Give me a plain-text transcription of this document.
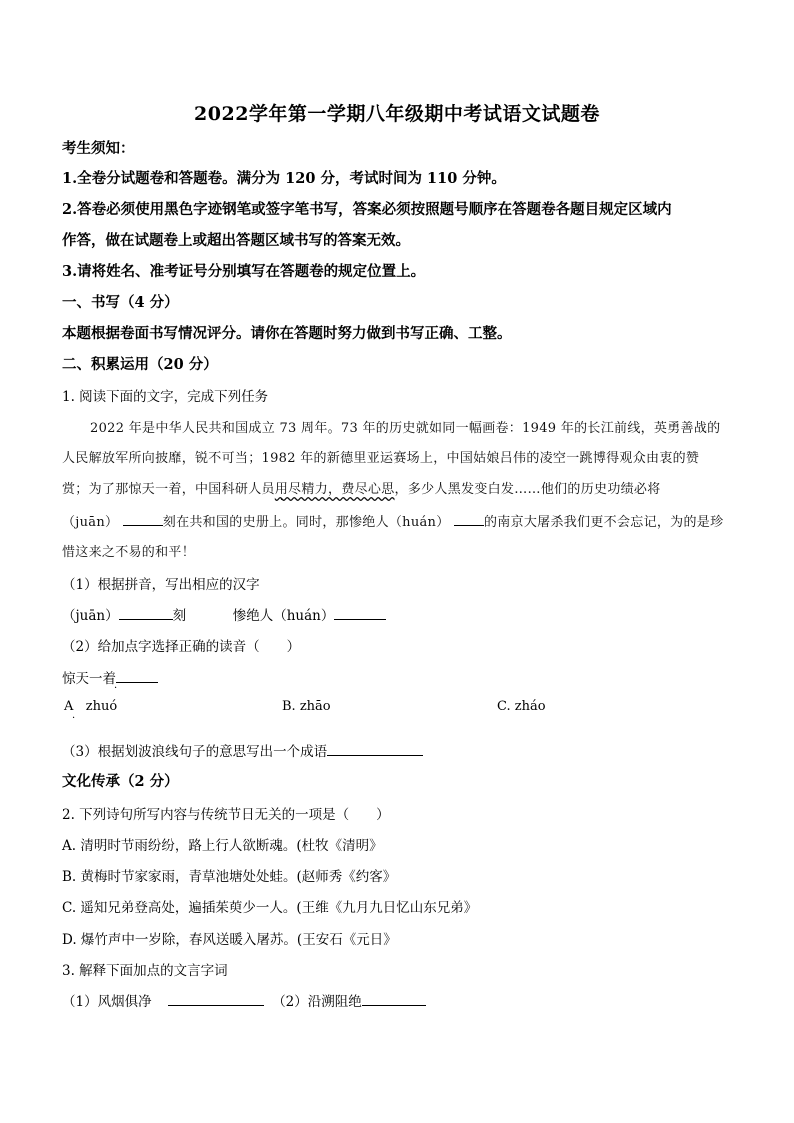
2022学年第一学期八年级期中考试语文试题卷
考生须知：
1.全卷分试题卷和答题卷。满分为 120 分，考试时间为 110 分钟。
2.答卷必须使用黑色字迹钢笔或签字笔书写，答案必须按照题号顺序在答题卷各题目规定区域内
作答，做在试题卷上或超出答题区域书写的答案无效。
3.请将姓名、准考证号分别填写在答题卷的规定位置上。
一、书写（4 分）
本题根据卷面书写情况评分。请你在答题时努力做到书写正确、工整。
二、积累运用（20 分）
1. 阅读下面的文字，完成下列任务
2022 年是中华人民共和国成立 73 周年。73 年的历史就如同一幅画卷：1949 年的长江前线，英勇善战的
人民解放军所向披靡，锐不可当；1982 年的新德里亚运赛场上，中国姑娘吕伟的凌空一跳博得观众由衷的赞
赏；为了那惊天一着，中国科研人员用尽精力，费尽心思，多少人黑发变白发……他们的历史功绩必将
·
（juān）	刻在共和国的史册上。同时，那惨绝人（huán）	的南京大屠杀我们更不会忘记，为的是珍
惜这来之不易的和平！
（1）根据拼音，写出相应的汉字
（juān）	刻	惨绝人（huán）
（2）给加点字选择正确的读音（　　）
惊天一着
·
A zhuó
·
B. zhāo	C. zháo
（3）根据划波浪线句子的意思写出一个成语
文化传承（2 分）
2. 下列诗句所写内容与传统节日无关的一项是（　　）
A. 清明时节雨纷纷，路上行人欲断魂。(杜牧《清明》
B. 黄梅时节家家雨，青草池塘处处蛙。(赵师秀《约客》
C. 遥知兄弟登高处，遍插茱萸少一人。(王维《九月九日忆山东兄弟》
D. 爆竹声中一岁除，春风送暖入屠苏。(王安石《元日》
3. 解释下面加点的文言字词
（1）风烟俱净	（2）沿溯阻绝
